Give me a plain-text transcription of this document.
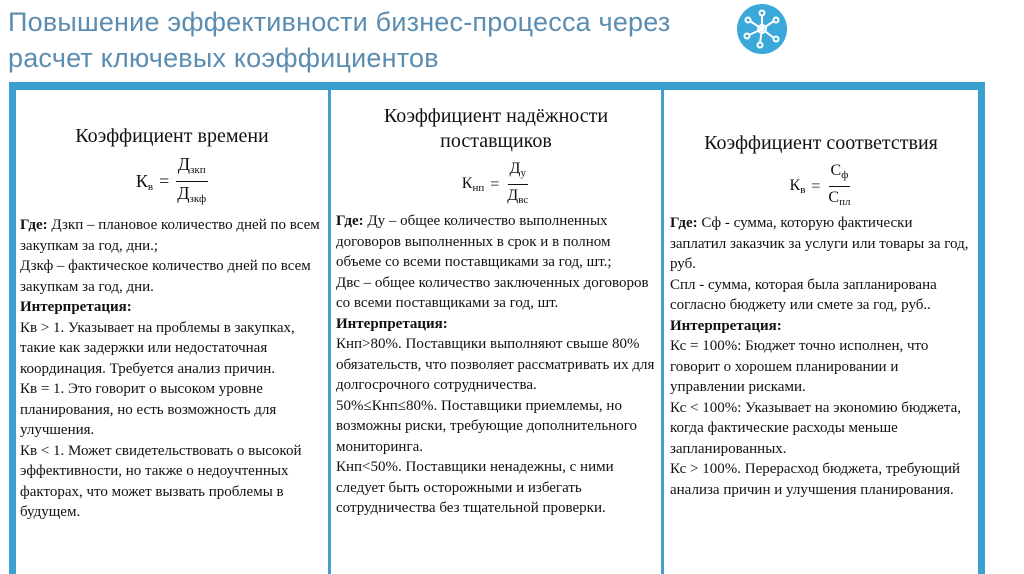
Повышение эффективности бизнес-процесса через расчет ключевых коэффициентов
Коэффициент времени
$К_в = \frac{Д_{зкп}}{Д_{зкф}}$

Где: Дзкп – плановое количество дней по всем закупкам за год, дни.;

Дзкф – фактическое количество дней по всем закупкам за год, дни.

Интерпретация:

Кв > 1. Указывает на проблемы в закупках, такие как задержки или недостаточная координация. Требуется анализ причин.

Кв = 1. Это говорит о высоком уровне планирования, но есть возможность для улучшения.

Кв < 1. Может свидетельствовать о высокой эффективности, но также о недоучтенных факторах, что может вызвать проблемы в будущем.

Коэффициент надёжности поставщиков
$К_{нп} = \frac{Д_у}{Д_{вс}}$

Где: Ду – общее количество выполненных договоров выполненных в срок и в полном объеме со всеми поставщиками за год, шт.;

Двс – общее количество заключенных договоров со всеми поставщиками за год, шт.

Интерпретация:

Кнп>80%. Поставщики выполняют свыше 80% обязательств, что позволяет рассматривать их для долгосрочного сотрудничества.

50%≤Кнп≤80%. Поставщики приемлемы, но возможны риски, требующие дополнительного мониторинга.

Кнп<50%. Поставщики ненадежны, с ними следует быть осторожными и избегать сотрудничества без тщательной проверки.

Коэффициент соответствия
$К_в = \frac{С_ф}{С_{пл}}$

Где: Сф - сумма, которую фактически заплатил заказчик за услуги или товары за год, руб.

Спл - сумма, которая была запланирована согласно бюджету или смете за год, руб..

Интерпретация:

Кс = 100%: Бюджет точно исполнен, что говорит о хорошем планировании и управлении рисками.

Кс < 100%: Указывает на экономию бюджета, когда фактические расходы меньше запланированных.

Кс > 100%. Перерасход бюджета, требующий анализа причин и улучшения планирования.

8
